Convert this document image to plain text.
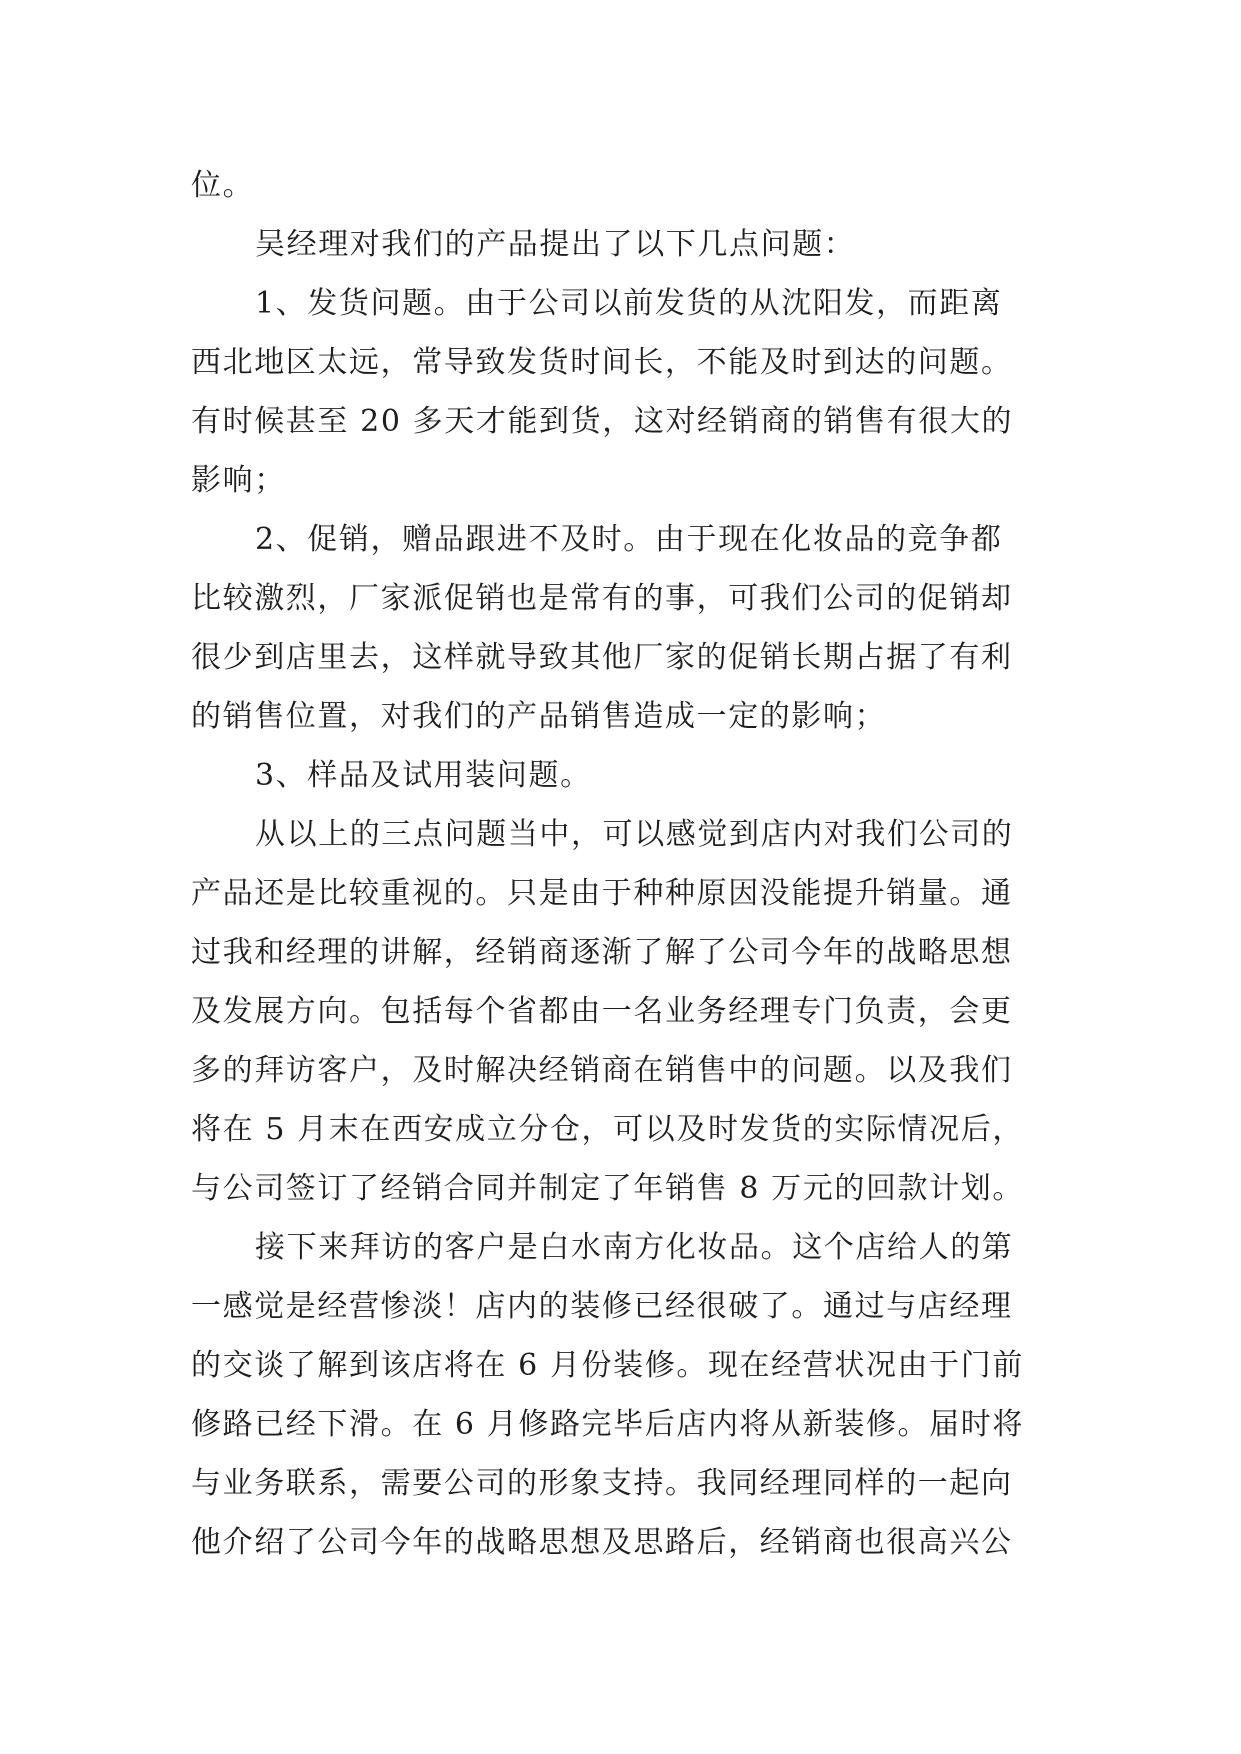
位。
吴经理对我们的产品提出了以下几点问题：
1、发货问题。由于公司以前发货的从沈阳发，而距离
西北地区太远，常导致发货时间长，不能及时到达的问题。
有时候甚至 20 多天才能到货，这对经销商的销售有很大的
影响；
2、促销，赠品跟进不及时。由于现在化妆品的竞争都
比较激烈，厂家派促销也是常有的事，可我们公司的促销却
很少到店里去，这样就导致其他厂家的促销长期占据了有利
的销售位置，对我们的产品销售造成一定的影响；
3、样品及试用装问题。
从以上的三点问题当中，可以感觉到店内对我们公司的
产品还是比较重视的。只是由于种种原因没能提升销量。通
过我和经理的讲解，经销商逐渐了解了公司今年的战略思想
及发展方向。包括每个省都由一名业务经理专门负责，会更
多的拜访客户，及时解决经销商在销售中的问题。以及我们
将在 5 月末在西安成立分仓，可以及时发货的实际情况后，
与公司签订了经销合同并制定了年销售 8 万元的回款计划。
接下来拜访的客户是白水南方化妆品。这个店给人的第
一感觉是经营惨淡！店内的装修已经很破了。通过与店经理
的交谈了解到该店将在 6 月份装修。现在经营状况由于门前
修路已经下滑。在 6 月修路完毕后店内将从新装修。届时将
与业务联系，需要公司的形象支持。我同经理同样的一起向
他介绍了公司今年的战略思想及思路后，经销商也很高兴公
